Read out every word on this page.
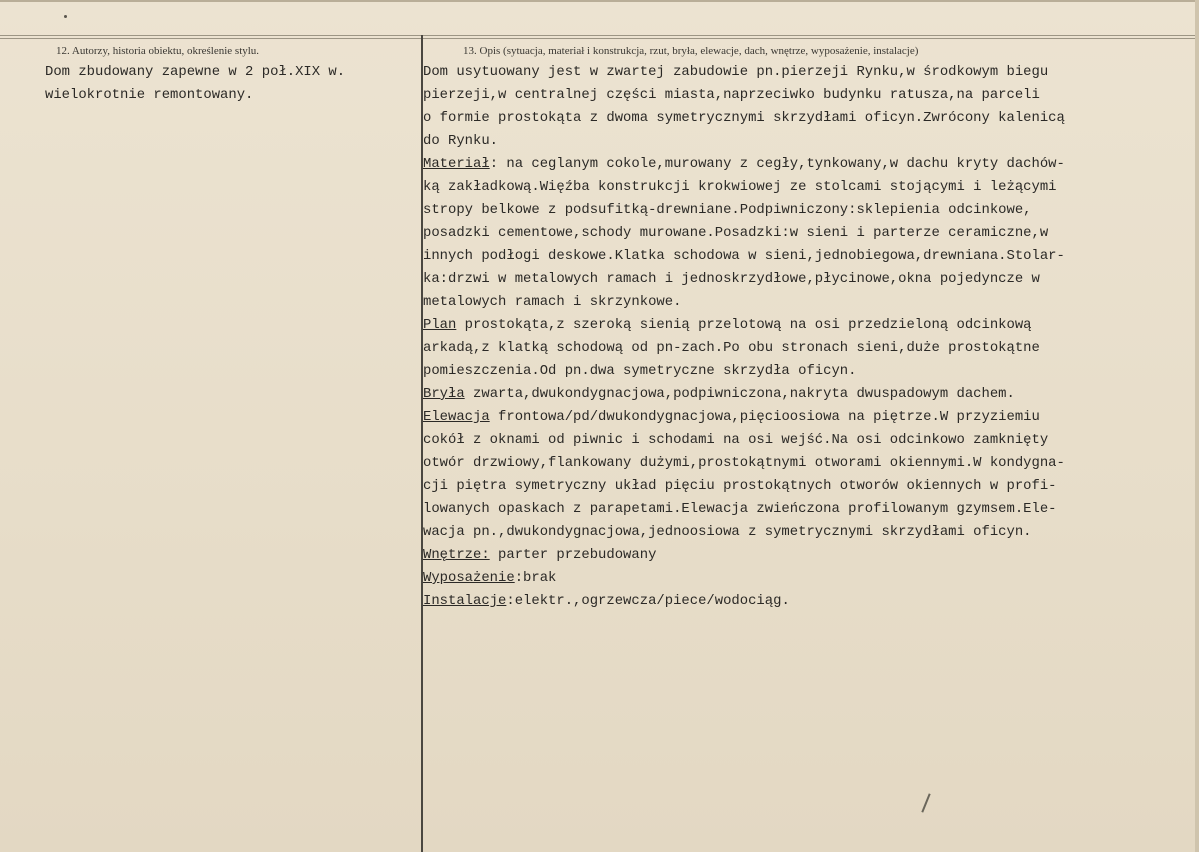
12. Autorzy, historia obiektu, określenie stylu.	13. Opis (sytuacja, materiał i konstrukcja, rzut, bryła, elewacje, dach, wnętrze, wyposażenie, instalacje)
Dom zbudowany zapewne w 2 poł.XIX w.
wielokrotnie remontowany.
Dom usytuowany jest w zwartej zabudowie pn.pierzeji Rynku,w środkowym biegu
pierzeji,w centralnej części miasta,naprzeciwko budynku ratusza,na parceli
o formie prostokąta z dwoma symetrycznymi skrzydłami oficyn.Zwrócony kalenicą
do Rynku.
Materiał: na ceglanym cokole,murowany z cegły,tynkowany,w dachu kryty dachów-
ką zakładkową.Więźba konstrukcji krokwiowej ze stolcami stojącymi i leżącymi
stropy belkowe z podsufitką-drewniane.Podpiwniczony:sklepienia odcinkowe,
posadzki cementowe,schody murowane.Posadzki:w sieni i parterze ceramiczne,w
innych podłogi deskowe.Klatka schodowa w sieni,jednobiegowa,drewniana.Stolar-
ka:drzwi w metalowych ramach i jednoskrzydłowe,płycinowe,okna pojedyncze w
metalowych ramach i skrzynkowe.
Plan prostokąta,z szeroką sienią przelotową na osi przedzieloną odcinkową
arkadą,z klatką schodową od pn-zach.Po obu stronach sieni,duże prostokątne
pomieszczenia.Od pn.dwa symetryczne skrzydła oficyn.
Bryła zwarta,dwukondygnacjowa,podpiwniczona,nakryta dwuspadowym dachem.
Elewacja frontowa/pd/dwukondygnacjowa,pięcioosiowa na piętrze.W przyziemiu
cokół z oknami od piwnic i schodami na osi wejść.Na osi odcinkowo zamknięty
otwór drzwiowy,flankowany dużymi,prostokątnymi otworami okiennymi.W kondygna-
cji piętra symetryczny układ pięciu prostokątnych otworów okiennych w profi-
lowanych opaskach z parapetami.Elewacja zwieńczona profilowanym gzymsem.Ele-
wacja pn.,dwukondygnacjowa,jednoosiowa z symetrycznymi skrzydłami oficyn.
Wnętrze: parter przebudowany
Wyposażenie:brak
Instalacje:elektr.,ogrzewcza/piece/wodociąg.
